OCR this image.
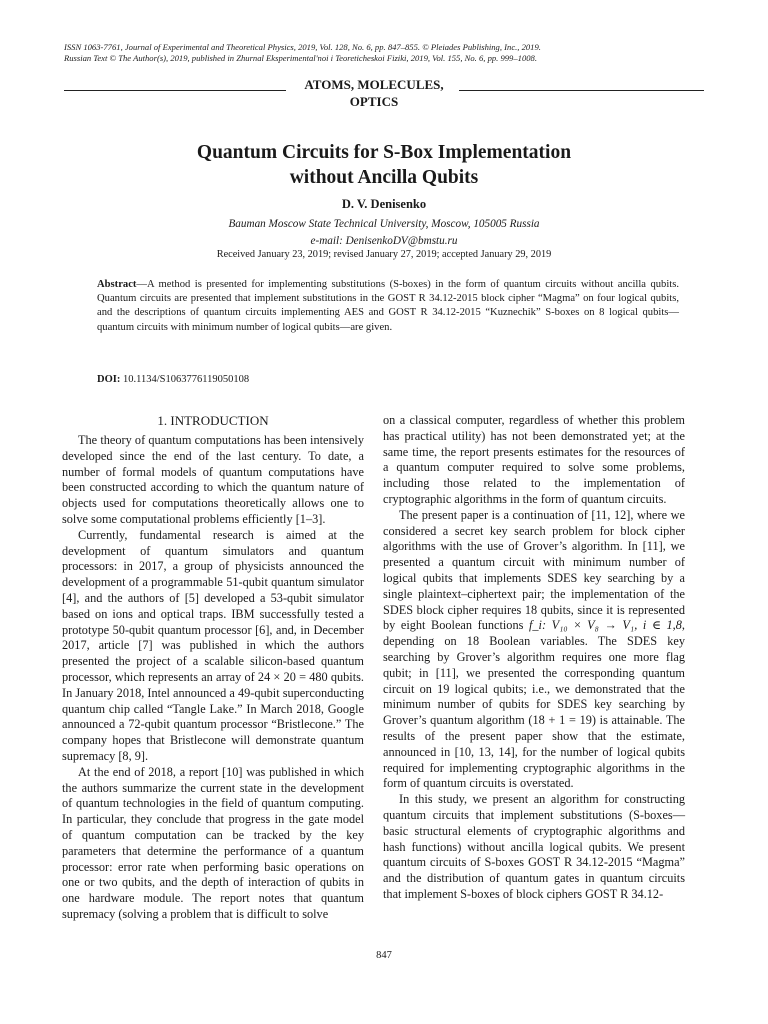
ISSN 1063-7761, Journal of Experimental and Theoretical Physics, 2019, Vol. 128, No. 6, pp. 847–855. © Pleiades Publishing, Inc., 2019.
Russian Text © The Author(s), 2019, published in Zhurnal Eksperimental'noi i Teoreticheskoi Fiziki, 2019, Vol. 155, No. 6, pp. 999–1008.
ATOMS, MOLECULES,
OPTICS
Quantum Circuits for S-Box Implementation
without Ancilla Qubits
D. V. Denisenko
Bauman Moscow State Technical University, Moscow, 105005 Russia
e-mail: DenisenkoDV@bmstu.ru
Received January 23, 2019; revised January 27, 2019; accepted January 29, 2019
Abstract—A method is presented for implementing substitutions (S-boxes) in the form of quantum circuits without ancilla qubits. Quantum circuits are presented that implement substitutions in the GOST R 34.12-2015 block cipher “Magma” on four logical qubits, and the descriptions of quantum circuits implementing AES and GOST R 34.12-2015 “Kuznechik” S-boxes on 8 logical qubits—quantum circuits with minimum number of logical qubits—are given.
DOI: 10.1134/S1063776119050108
1. INTRODUCTION

The theory of quantum computations has been intensively developed since the end of the last century. To date, a number of formal models of quantum computations have been constructed according to which the quantum nature of objects used for computations theoretically allows one to solve some computational problems efficiently [1–3].

Currently, fundamental research is aimed at the development of quantum simulators and quantum processors: in 2017, a group of physicists announced the development of a programmable 51-qubit quantum simulator [4], and the authors of [5] developed a 53-qubit simulator based on ions and optical traps. IBM successfully tested a prototype 50-qubit quantum processor [6], and, in December 2017, article [7] was published in which the authors presented the project of a scalable silicon-based quantum processor, which represents an array of 24 × 20 = 480 qubits. In January 2018, Intel announced a 49-qubit superconducting quantum chip called “Tangle Lake.” In March 2018, Google announced a 72-qubit quantum processor “Bristlecone.” The company hopes that Bristlecone will demonstrate quantum supremacy [8, 9].

At the end of 2018, a report [10] was published in which the authors summarize the current state in the development of quantum technologies in the field of quantum computing. In particular, they conclude that progress in the gate model of quantum computation can be tracked by the key parameters that determine the performance of a quantum processor: error rate when performing basic operations on one or two qubits, and the depth of interaction of qubits in one hardware module. The report notes that quantum supremacy (solving a problem that is difficult to solve

on a classical computer, regardless of whether this problem has practical utility) has not been demonstrated yet; at the same time, the report presents estimates for the resources of a quantum computer required to solve some problems, including those related to the implementation of cryptographic algorithms in the form of quantum circuits.

The present paper is a continuation of [11, 12], where we considered a secret key search problem for block cipher algorithms with the use of Grover’s algorithm. In [11], we presented a quantum circuit with minimum number of logical qubits that implements SDES key searching by a single plaintext–ciphertext pair; the implementation of the SDES block cipher requires 18 qubits, since it is represented by eight Boolean functions f_i: V₁₀ × V₈ → V₁, i ∈ 1,8, depending on 18 Boolean variables. The SDES key searching by Grover’s algorithm requires one more flag qubit; in [11], we presented the corresponding quantum circuit on 19 logical qubits; i.e., we demonstrated that the minimum number of qubits for SDES key searching by Grover’s quantum algorithm (18 + 1 = 19) is attainable. The results of the present paper show that the estimate, announced in [10, 13, 14], for the number of logical qubits required for implementing cryptographic algorithms in the form of quantum circuits is overstated.

In this study, we present an algorithm for constructing quantum circuits that implement substitutions (S-boxes—basic structural elements of cryptographic algorithms and hash functions) without ancilla logical qubits. We present quantum circuits of S-boxes GOST R 34.12-2015 “Magma” and the distribution of quantum gates in quantum circuits that implement S-boxes of block ciphers GOST R 34.12-

847
